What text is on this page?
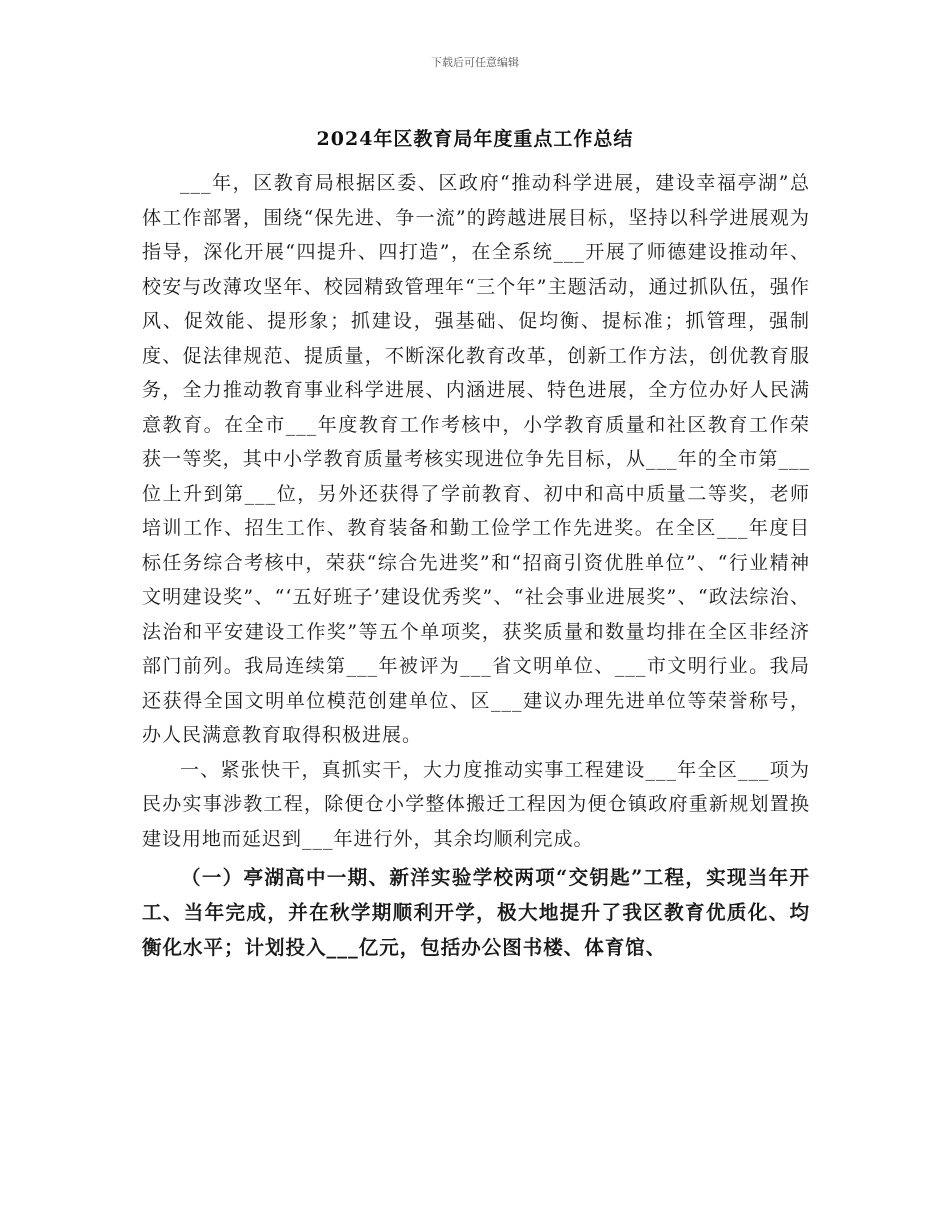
下载后可任意编辑
2024年区教育局年度重点工作总结

___年，区教育局根据区委、区政府“推动科学进展，建设幸福亭湖”总体工作部署，围绕“保先进、争一流”的跨越进展目标，坚持以科学进展观为指导，深化开展“四提升、四打造”，在全系统___开展了师德建设推动年、校安与改薄攻坚年、校园精致管理年“三个年”主题活动，通过抓队伍，强作风、促效能、提形象；抓建设，强基础、促均衡、提标准；抓管理，强制度、促法律规范、提质量，不断深化教育改革，创新工作方法，创优教育服务，全力推动教育事业科学进展、内涵进展、特色进展，全方位办好人民满意教育。在全市___年度教育工作考核中，小学教育质量和社区教育工作荣获一等奖，其中小学教育质量考核实现进位争先目标，从___年的全市第___位上升到第___位，另外还获得了学前教育、初中和高中质量二等奖，老师培训工作、招生工作、教育装备和勤工俭学工作先进奖。在全区___年度目标任务综合考核中，荣获“综合先进奖”和“招商引资优胜单位”、“行业精神文明建设奖”、“‘五好班子’建设优秀奖”、“社会事业进展奖”、“政法综治、法治和平安建设工作奖”等五个单项奖，获奖质量和数量均排在全区非经济部门前列。我局连续第___年被评为___省文明单位、___市文明行业。我局还获得全国文明单位模范创建单位、区___建议办理先进单位等荣誉称号，办人民满意教育取得积极进展。

一、紧张快干，真抓实干，大力度推动实事工程建设___年全区___项为民办实事涉教工程，除便仓小学整体搬迁工程因为便仓镇政府重新规划置换建设用地而延迟到___年进行外，其余均顺利完成。

（一）亭湖高中一期、新洋实验学校两项“交钥匙”工程，实现当年开工、当年完成，并在秋学期顺利开学，极大地提升了我区教育优质化、均衡化水平；计划投入___亿元，包括办公图书楼、体育馆、
